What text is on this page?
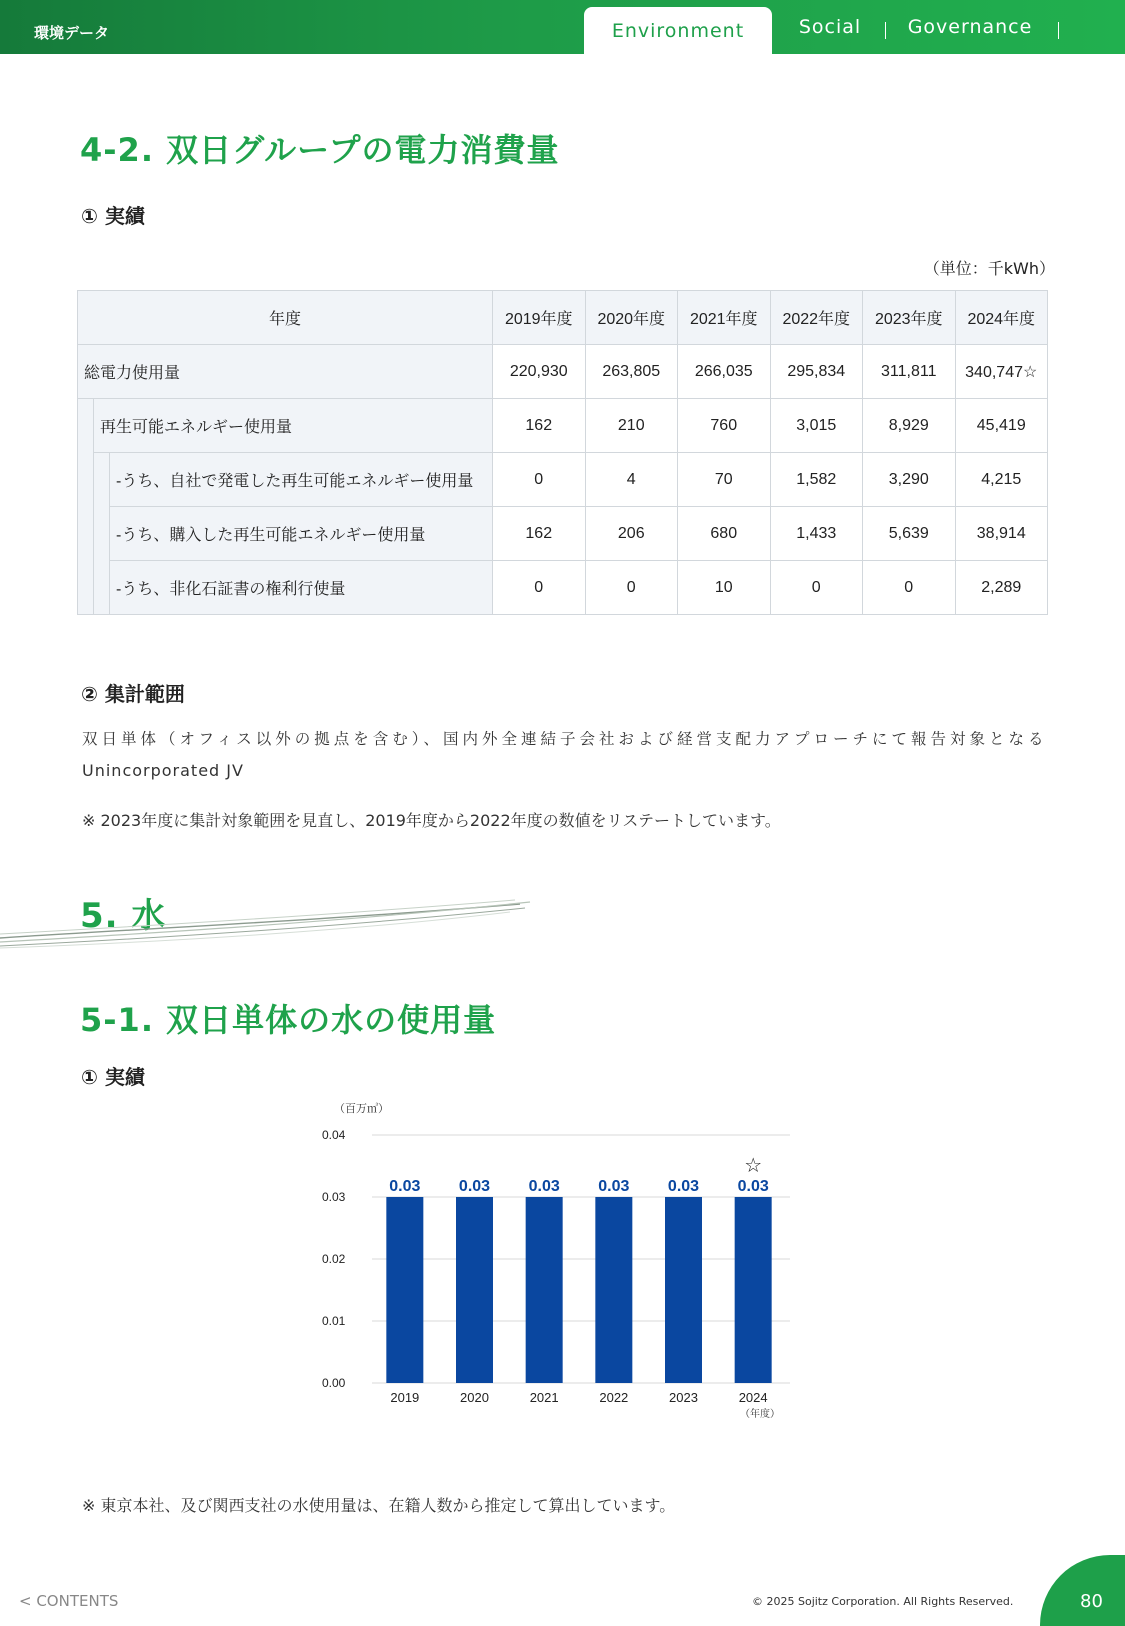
環境データ	Environment	Social	Governance
4-2. 双日グループの電力消費量
① 実績
（単位：千kWh）
年度			2019年度	2020年度	2021年度	2022年度	2023年度	2024年度
総電力使用量			220,930	263,805	266,035	295,834	311,811	340,747☆
	再生可能エネルギー使用量		162	210	760	3,015	8,929	45,419
		-うち、自社で発電した再生可能エネルギー使用量	0	4	70	1,582	3,290	4,215
		-うち、購入した再生可能エネルギー使用量	162	206	680	1,433	5,639	38,914
		-うち、非化石証書の権利行使量	0	0	10	0	0	2,289
② 集計範囲
双日単体（オフィス以外の拠点を含む）、国内外全連結子会社および経営支配力アプローチにて報告対象となる
Unincorporated JV
※ 2023年度に集計対象範囲を見直し、2019年度から2022年度の数値をリステートしています。
5. 水
5-1. 双日単体の水の使用量
① 実績
（百万㎥）
0.00
0.01
0.02
0.03
0.04
0.03 0.03 0.03 0.03 0.03 0.03
☆
2019	2020	2021	2022	2023	2024
（年度）
※ 東京本社、及び関西支社の水使用量は、在籍人数から推定して算出しています。
< CONTENTS	© 2025 Sojitz Corporation. All Rights Reserved.	80
